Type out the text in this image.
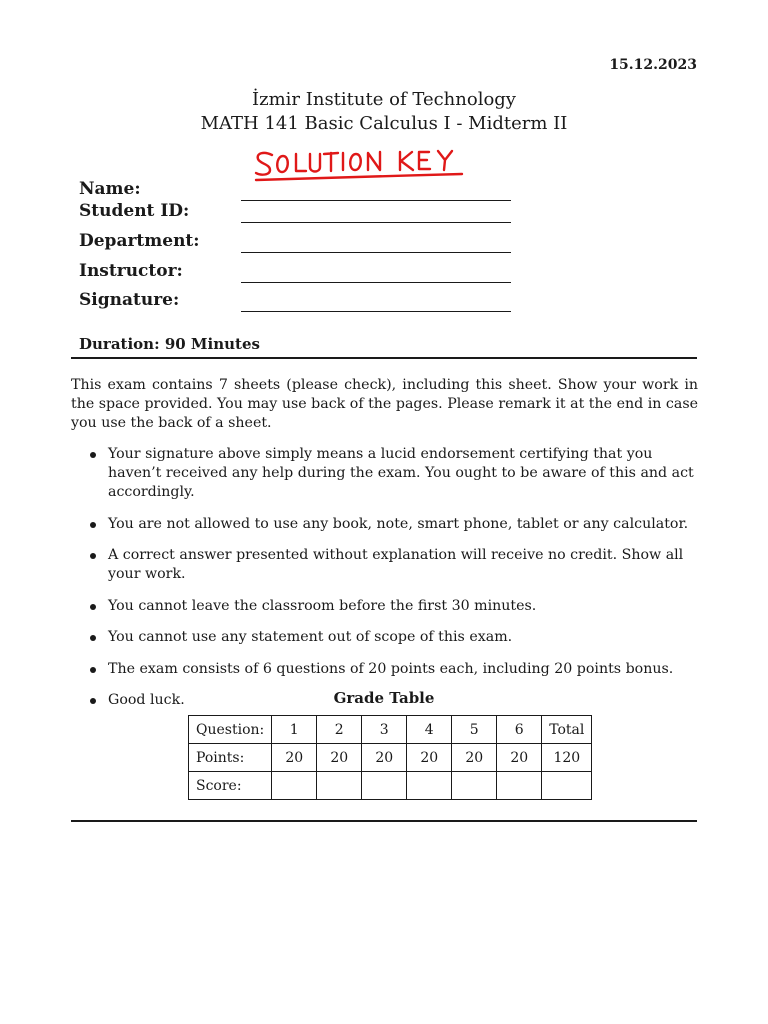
15.12.2023
İzmir Institute of Technology
MATH 141 Basic Calculus I - Midterm II
Name:
Student ID:
Department:
Instructor:
Signature:
Duration: 90 Minutes
This exam contains 7 sheets (please check), including this sheet. Show your work in the space provided. You may use back of the pages. Please remark it at the end in case you use the back of a sheet.
Your signature above simply means a lucid endorsement certifying that you haven’t received any help during the exam. You ought to be aware of this and act accordingly.
You are not allowed to use any book, note, smart phone, tablet or any calculator.
A correct answer presented without explanation will receive no credit. Show all your work.
You cannot leave the classroom before the first 30 minutes.
You cannot use any statement out of scope of this exam.
The exam consists of 6 questions of 20 points each, including 20 points bonus.
Good luck.	Grade Table
Question:	1	2	3	4	5	6	Total
Points:	20	20	20	20	20	20	120
Score:							
